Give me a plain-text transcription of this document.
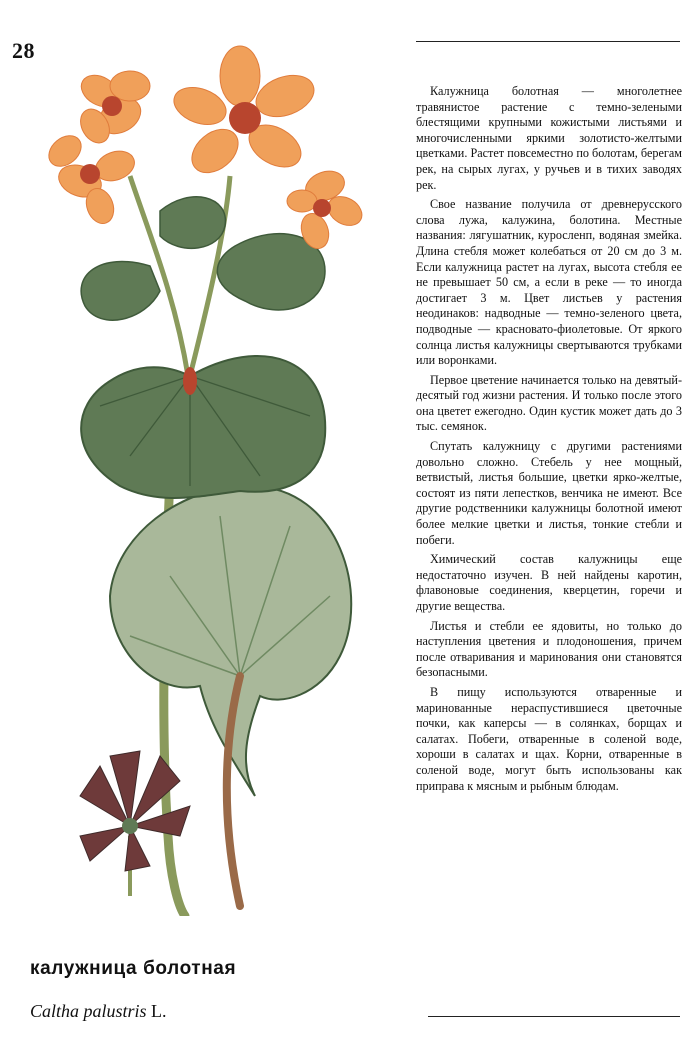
28

Калужница болотная — многолетнее травянистое растение с темно-зелеными блестящими крупными кожистыми листьями и многочисленными яркими золотисто-желтыми цветками. Растет повсеместно по болотам, берегам рек, на сырых лугах, у ручьев и в тихих заводях рек.

Свое название получила от древнерусского слова лужа, калужина, болотина. Местные названия: лягушатник, куросленп, водяная змейка. Длина стебля может колебаться от 20 см до 3 м. Если калужница растет на лугах, высота стебля ее не превышает 50 см, а если в реке — то иногда достигает 3 м. Цвет листьев у растения неодинаков: надводные — темно-зеленого цвета, подводные — красновато-фиолетовые. От яркого солнца листья калужницы свертываются трубками или воронками.

Первое цветение начинается только на девятый-десятый год жизни растения. И только после этого она цветет ежегодно. Один кустик может дать до 3 тыс. семянок.

Спутать калужницу с другими растениями довольно сложно. Стебель у нее мощный, ветвистый, листья большие, цветки ярко-желтые, состоят из пяти лепестков, венчика не имеют. Все другие родственники калужницы болотной имеют более мелкие цветки и листья, тонкие стебли и побеги.

Химический состав калужницы еще недостаточно изучен. В ней найдены каротин, флавоновые соединения, кверцетин, горечи и другие вещества.

Листья и стебли ее ядовиты, но только до наступления цветения и плодоношения, причем после отваривания и маринования они становятся безопасными.

В пищу используются отваренные и маринованные нераспустившиеся цветочные почки, как каперсы — в солянках, борщах и салатах. Побеги, отваренные в соленой воде, хороши в салатах и щах. Корни, отваренные в соленой воде, могут быть использованы как приправа к мясным и рыбным блюдам.

калужница болотная
Caltha palustris L.
